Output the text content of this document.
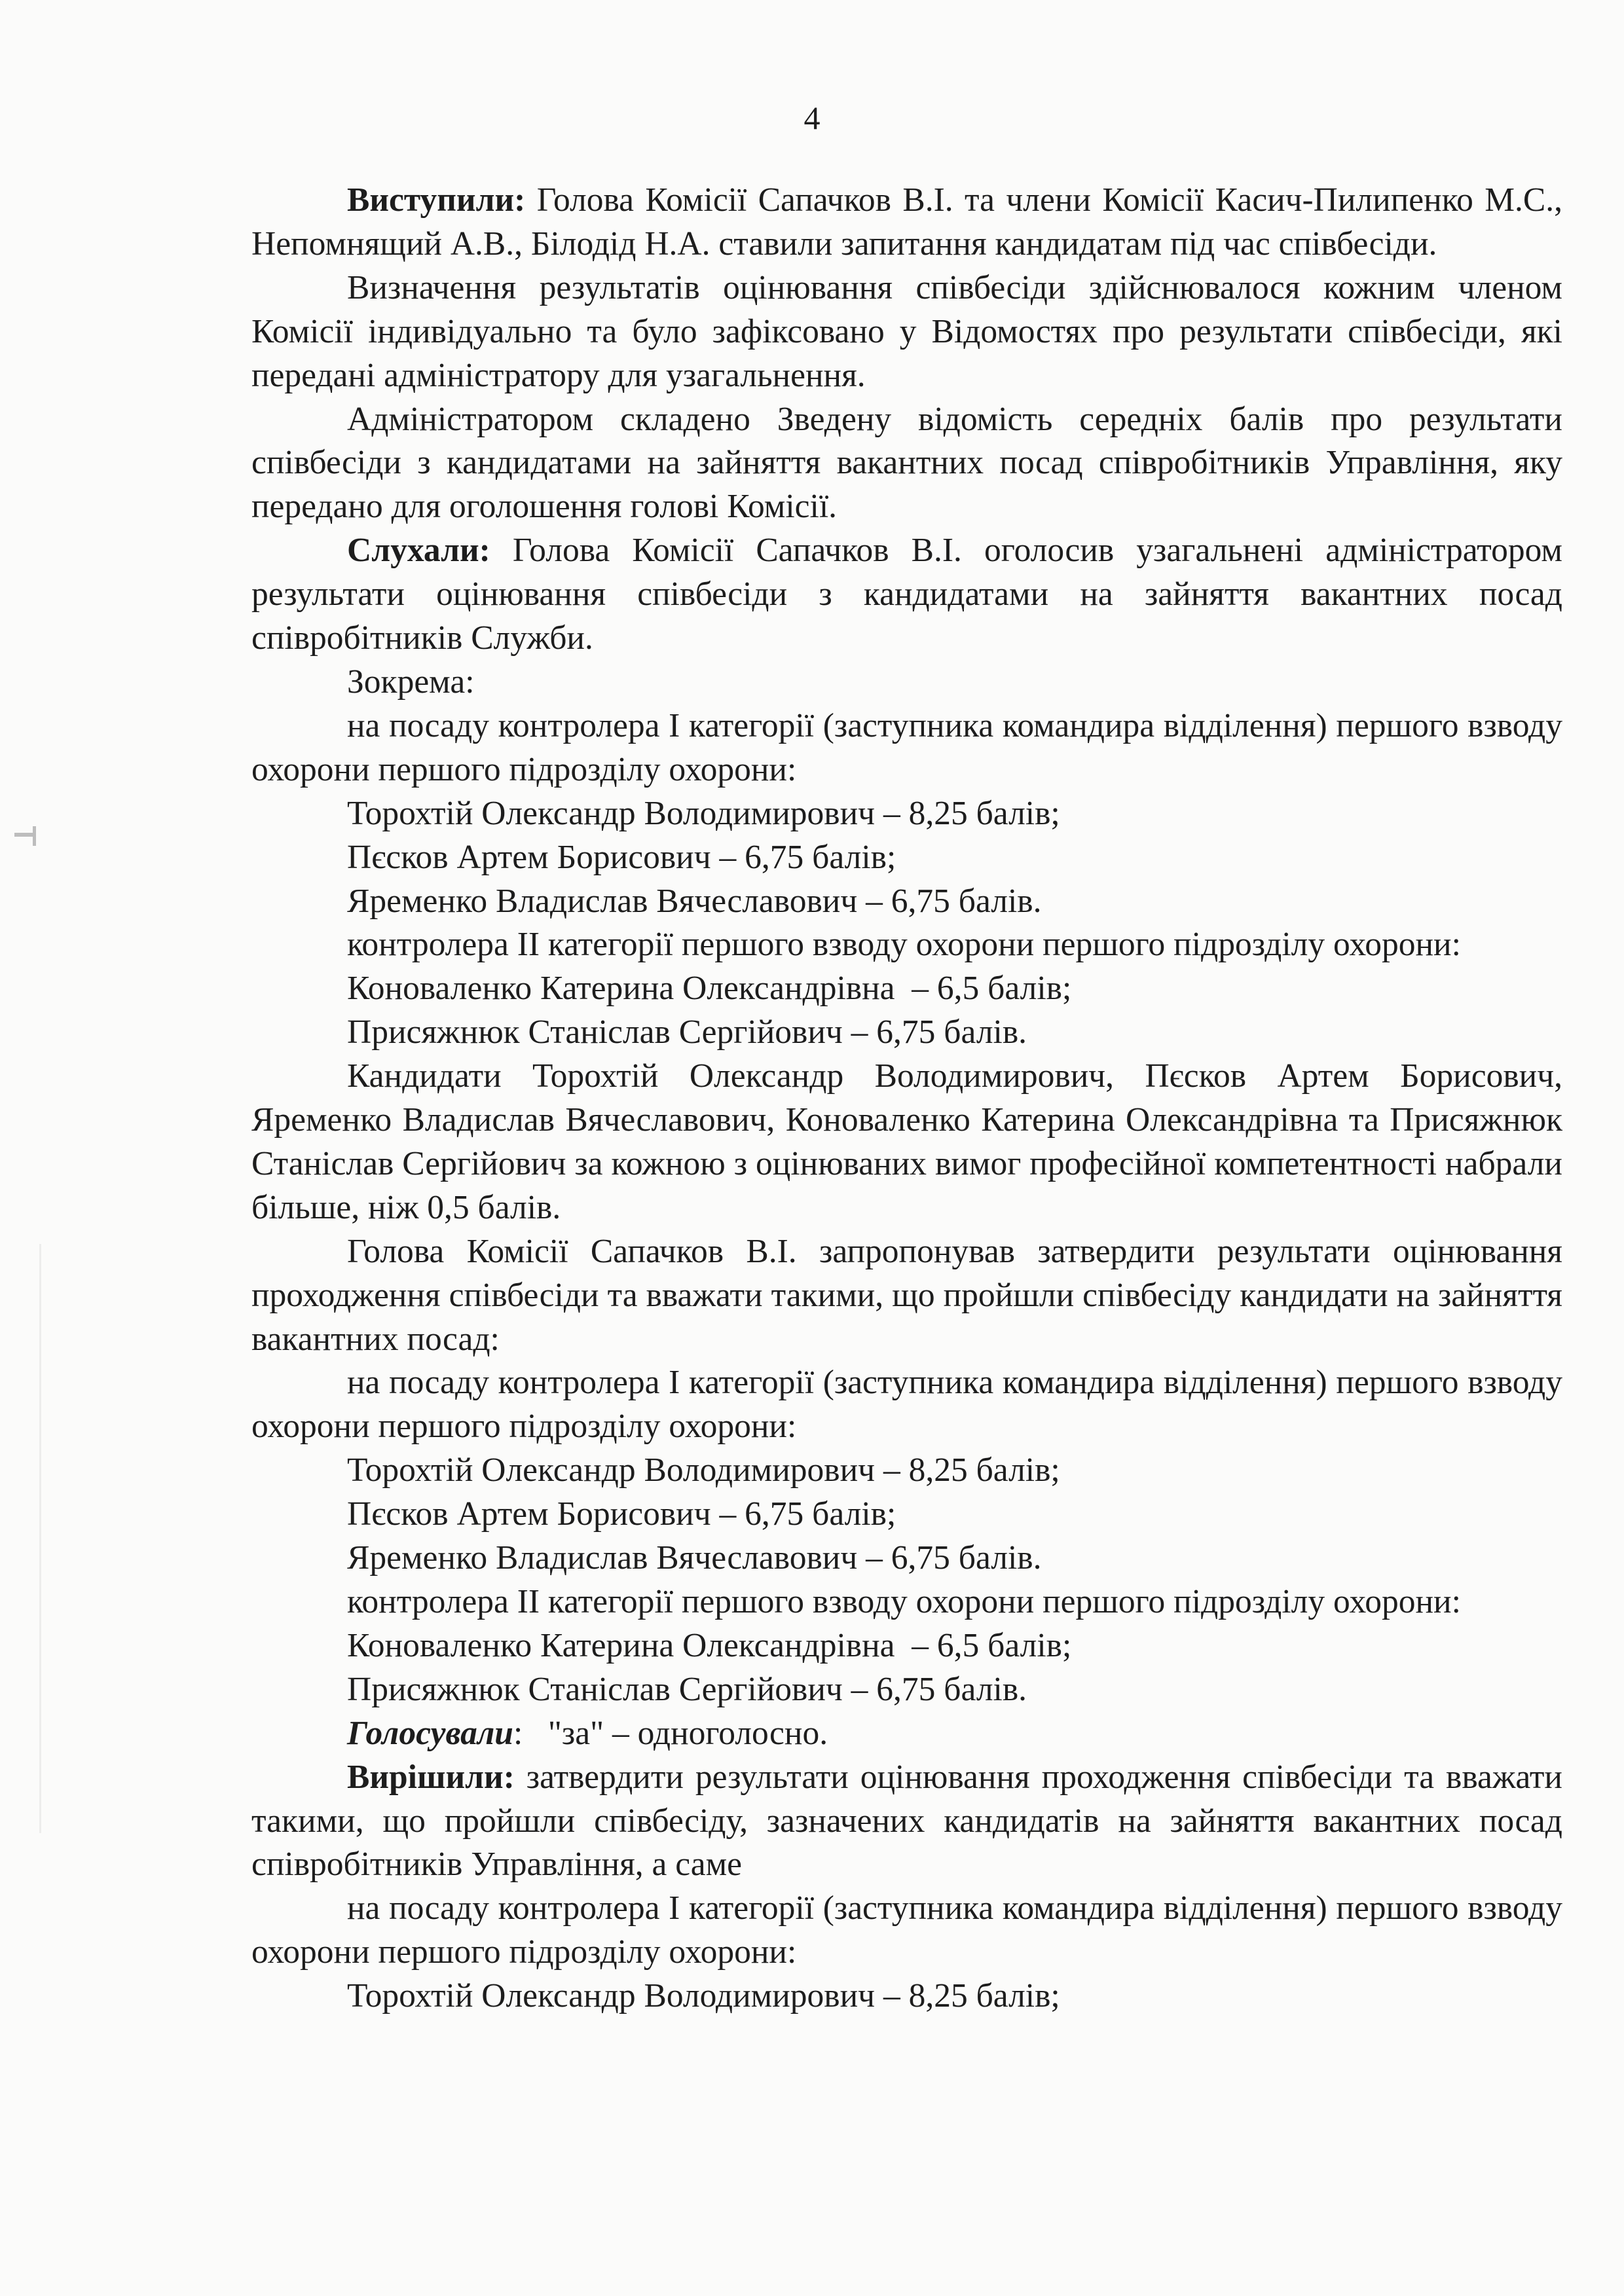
4

Виступили: Голова Комісії Сапачков В.І. та члени Комісії Касич-Пилипенко М.С., Непомнящий А.В., Білодід Н.А. ставили запитання кандидатам під час співбесіди.

Визначення результатів оцінювання співбесіди здійснювалося кожним членом Комісії індивідуально та було зафіксовано у Відомостях про результати співбесіди, які передані адміністратору для узагальнення.

Адміністратором складено Зведену відомість середніх балів про результати співбесіди з кандидатами на зайняття вакантних посад співробітників Управління, яку передано для оголошення голові Комісії.

Слухали: Голова Комісії Сапачков В.І. оголосив узагальнені адміністратором результати оцінювання співбесіди з кандидатами на зайняття вакантних посад співробітників Служби.

Зокрема:

на посаду контролера І категорії (заступника командира відділення) першого взводу охорони першого підрозділу охорони:

Торохтій Олександр Володимирович – 8,25 балів;

Пєсков Артем Борисович – 6,75 балів;

Яременко Владислав Вячеславович – 6,75 балів.

контролера ІІ категорії першого взводу охорони першого підрозділу охорони:

Коноваленко Катерина Олександрівна  – 6,5 балів;

Присяжнюк Станіслав Сергійович – 6,75 балів.

Кандидати Торохтій Олександр Володимирович, Пєсков Артем Борисович, Яременко Владислав Вячеславович, Коноваленко Катерина Олександрівна та Присяжнюк Станіслав Сергійович за кожною з оцінюваних вимог професійної компетентності набрали більше, ніж 0,5 балів.

Голова Комісії Сапачков В.І. запропонував затвердити результати оцінювання проходження співбесіди та вважати такими, що пройшли співбесіду кандидати на зайняття вакантних посад:

на посаду контролера І категорії (заступника командира відділення) першого взводу охорони першого підрозділу охорони:

Торохтій Олександр Володимирович – 8,25 балів;

Пєсков Артем Борисович – 6,75 балів;

Яременко Владислав Вячеславович – 6,75 балів.

контролера ІІ категорії першого взводу охорони першого підрозділу охорони:

Коноваленко Катерина Олександрівна  – 6,5 балів;

Присяжнюк Станіслав Сергійович – 6,75 балів.

Голосували:   "за" – одноголосно.

Вирішили: затвердити результати оцінювання проходження співбесіди та вважати такими, що пройшли співбесіду, зазначених кандидатів на зайняття вакантних посад співробітників Управління, а саме

на посаду контролера І категорії (заступника командира відділення) першого взводу охорони першого підрозділу охорони:

Торохтій Олександр Володимирович – 8,25 балів;
